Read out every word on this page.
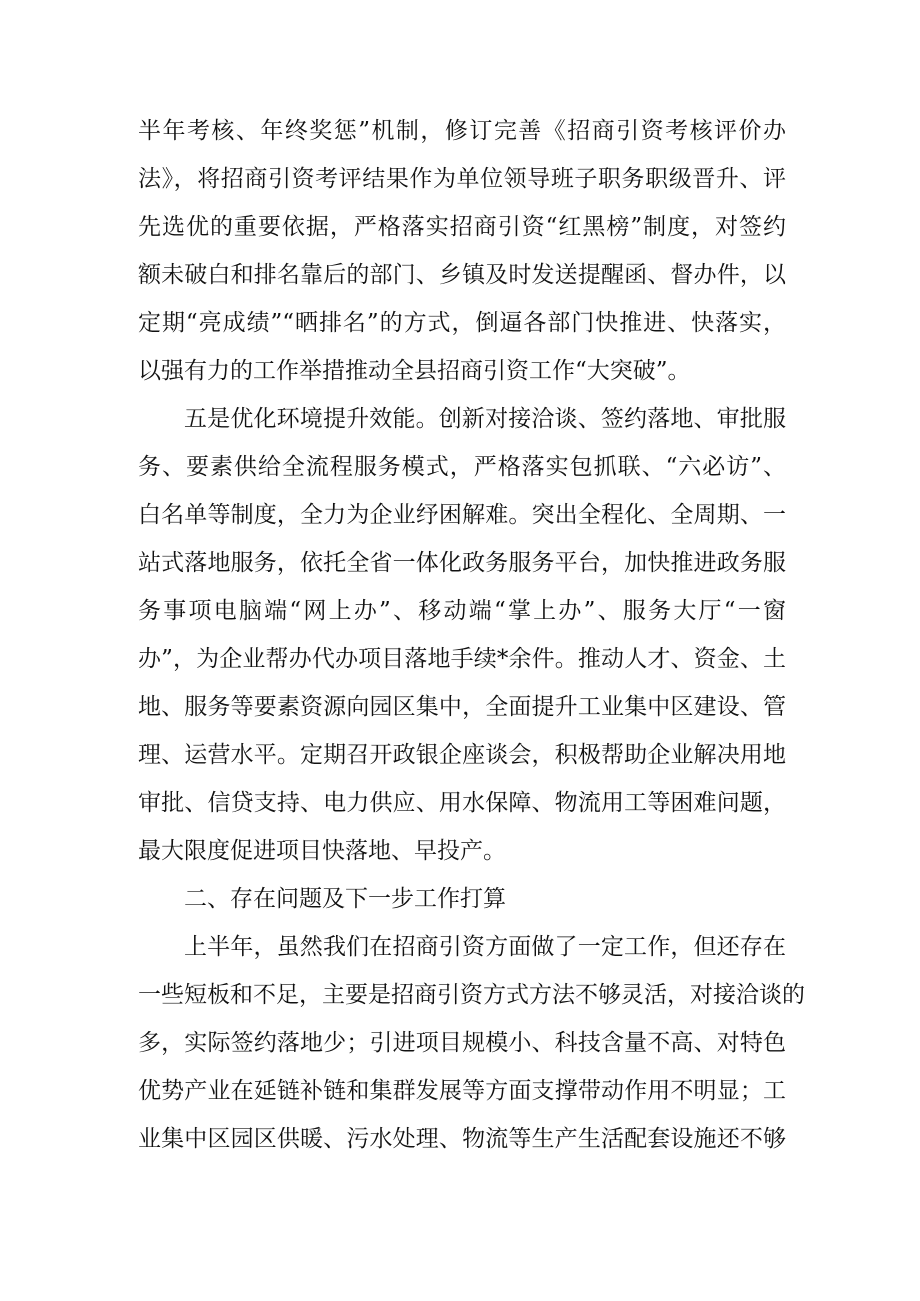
半年考核、年终奖惩”机制，修订完善《招商引资考核评价办
法》，将招商引资考评结果作为单位领导班子职务职级晋升、评
先选优的重要依据，严格落实招商引资“红黑榜”制度，对签约
额未破白和排名靠后的部门、乡镇及时发送提醒函、督办件，以
定期“亮成绩”“晒排名”的方式，倒逼各部门快推进、快落实，
以强有力的工作举措推动全县招商引资工作“大突破”。
五是优化环境提升效能。创新对接洽谈、签约落地、审批服
务、要素供给全流程服务模式，严格落实包抓联、“六必访”、
白名单等制度，全力为企业纾困解难。突出全程化、全周期、一
站式落地服务，依托全省一体化政务服务平台，加快推进政务服
务事项电脑端“网上办”、移动端“掌上办”、服务大厅“一窗
办”，为企业帮办代办项目落地手续*余件。推动人才、资金、土
地、服务等要素资源向园区集中，全面提升工业集中区建设、管
理、运营水平。定期召开政银企座谈会，积极帮助企业解决用地
审批、信贷支持、电力供应、用水保障、物流用工等困难问题，
最大限度促进项目快落地、早投产。
二、存在问题及下一步工作打算
上半年，虽然我们在招商引资方面做了一定工作，但还存在
一些短板和不足，主要是招商引资方式方法不够灵活，对接洽谈的
多，实际签约落地少；引进项目规模小、科技含量不高、对特色
优势产业在延链补链和集群发展等方面支撑带动作用不明显；工
业集中区园区供暖、污水处理、物流等生产生活配套设施还不够
